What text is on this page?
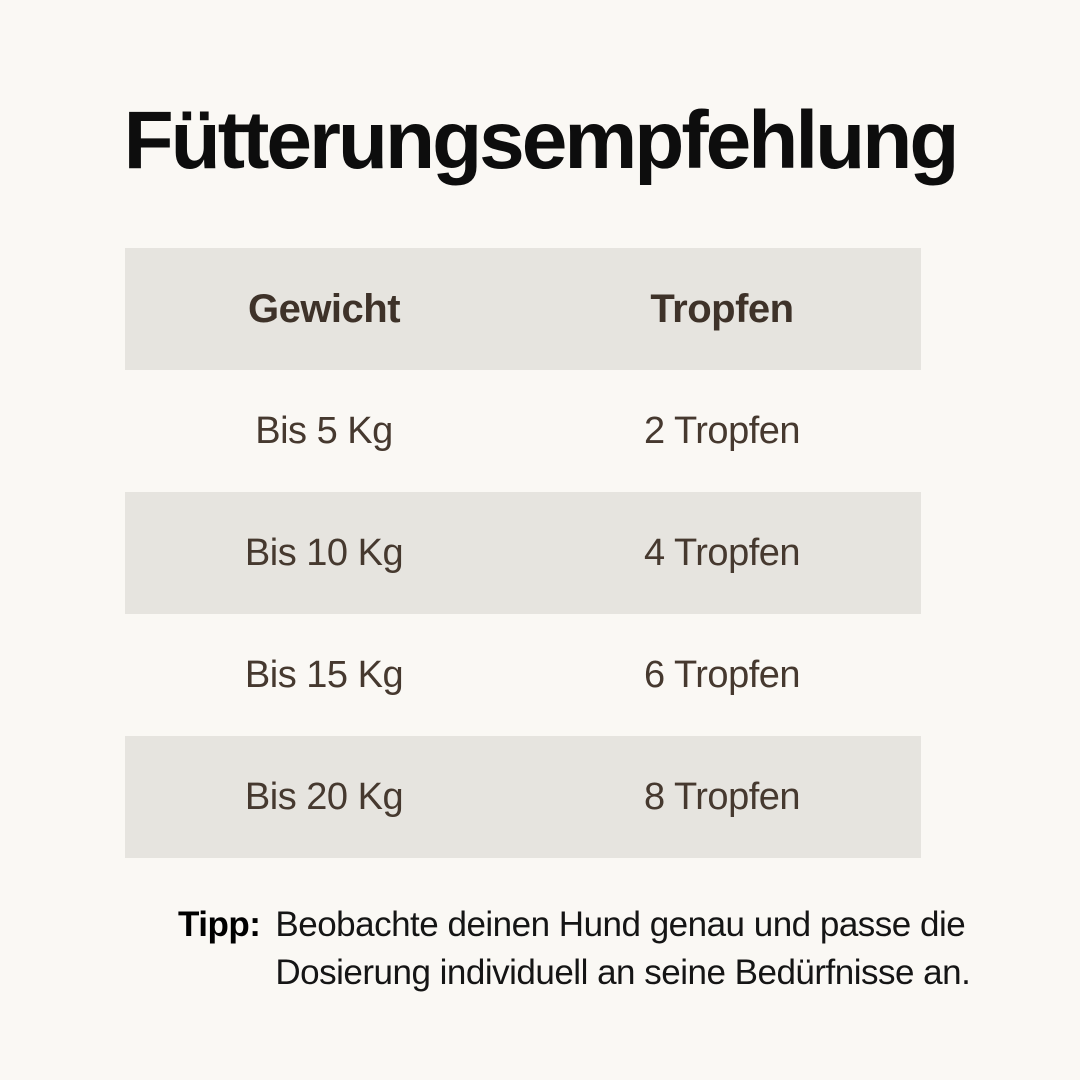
Fütterungsempfehlung
Gewicht	Tropfen
Bis 5 Kg	2 Tropfen
Bis 10 Kg	4 Tropfen
Bis 15 Kg	6 Tropfen
Bis 20 Kg	8 Tropfen
Tipp: Beobachte deinen Hund genau und passe die
Dosierung individuell an seine Bedürfnisse an.
